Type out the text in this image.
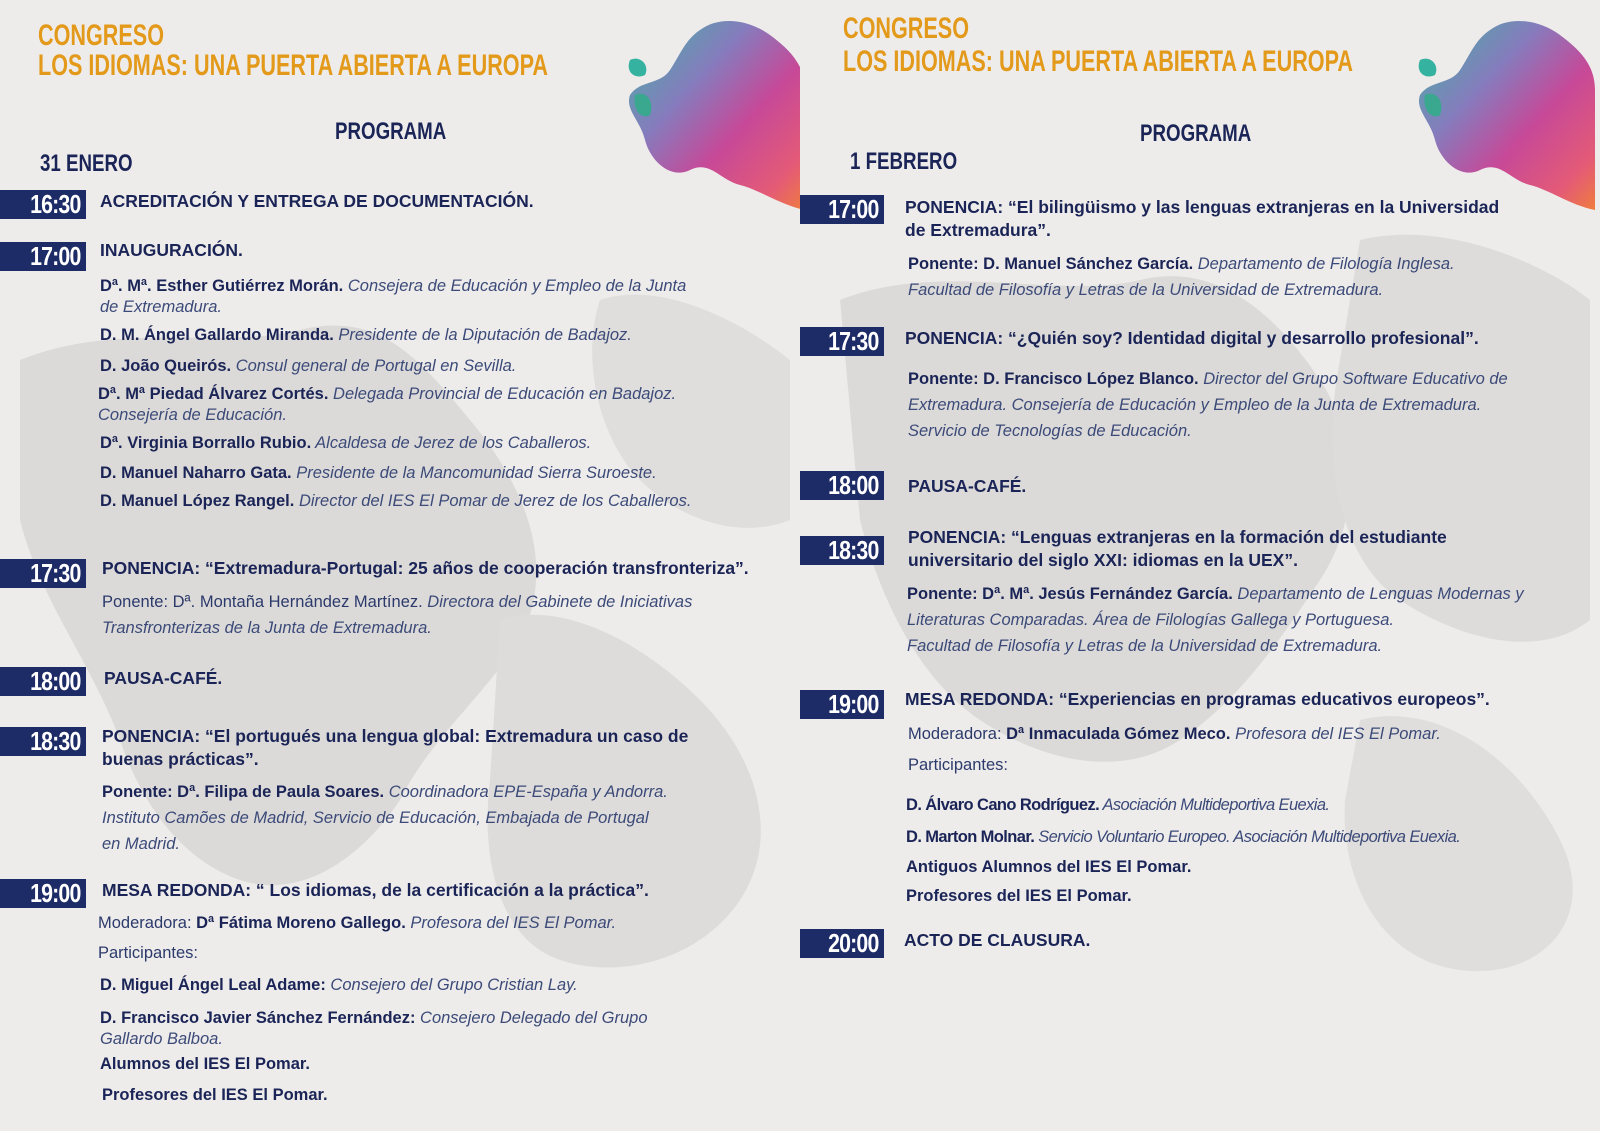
CONGRESO
LOS IDIOMAS: UNA PUERTA ABIERTA A EUROPA
PROGRAMA
31 ENERO
16:30	ACREDITACIÓN Y ENTREGA DE DOCUMENTACIÓN.
17:00	INAUGURACIÓN.
Dª. Mª. Esther Gutiérrez Morán. Consejera de Educación y Empleo de la Junta
de Extremadura.
D. M. Ángel Gallardo Miranda. Presidente de la Diputación de Badajoz.
D. João Queirós. Consul general de Portugal en Sevilla.
Dª. Mª Piedad Álvarez Cortés. Delegada Provincial de Educación en Badajoz.
Consejería de Educación.
Dª. Virginia Borrallo Rubio. Alcaldesa de Jerez de los Caballeros.
D. Manuel Naharro Gata. Presidente de la Mancomunidad Sierra Suroeste.
D. Manuel López Rangel. Director del IES El Pomar de Jerez de los Caballeros.
17:30	PONENCIA: “Extremadura-Portugal: 25 años de cooperación transfronteriza”.
Ponente: Dª. Montaña Hernández Martínez. Directora del Gabinete de Iniciativas
Transfronterizas de la Junta de Extremadura.
18:00	PAUSA-CAFÉ.
18:30	PONENCIA: “El portugués una lengua global: Extremadura un caso de
buenas prácticas”.
Ponente: Dª. Filipa de Paula Soares. Coordinadora EPE-España y Andorra.
Instituto Camões de Madrid, Servicio de Educación, Embajada de Portugal
en Madrid.
19:00	MESA REDONDA: “ Los idiomas, de la certificación a la práctica”.
Moderadora: Dª Fátima Moreno Gallego. Profesora del IES El Pomar.
Participantes:
D. Miguel Ángel Leal Adame: Consejero del Grupo Cristian Lay.
D. Francisco Javier Sánchez Fernández: Consejero Delegado del Grupo
Gallardo Balboa.
Alumnos del IES El Pomar.
Profesores del IES El Pomar.
CONGRESO
LOS IDIOMAS: UNA PUERTA ABIERTA A EUROPA
PROGRAMA
1 FEBRERO
17:00	PONENCIA: “El bilingüismo y las lenguas extranjeras en la Universidad
de Extremadura”.
Ponente: D. Manuel Sánchez García. Departamento de Filología Inglesa.
Facultad de Filosofía y Letras de la Universidad de Extremadura.
17:30	PONENCIA: “¿Quién soy? Identidad digital y desarrollo profesional”.
Ponente: D. Francisco López Blanco. Director del Grupo Software Educativo de
Extremadura. Consejería de Educación y Empleo de la Junta de Extremadura.
Servicio de Tecnologías de Educación.
18:00	PAUSA-CAFÉ.
18:30	PONENCIA: “Lenguas extranjeras en la formación del estudiante
universitario del siglo XXI: idiomas en la UEX”.
Ponente: Dª. Mª. Jesús Fernández García. Departamento de Lenguas Modernas y
Literaturas Comparadas. Área de Filologías Gallega y Portuguesa.
Facultad de Filosofía y Letras de la Universidad de Extremadura.
19:00	MESA REDONDA: “Experiencias en programas educativos europeos”.
Moderadora: Dª Inmaculada Gómez Meco. Profesora del IES El Pomar.
Participantes:
D. Álvaro Cano Rodríguez. Asociación Multideportiva Euexia.
D. Marton Molnar. Servicio Voluntario Europeo. Asociación Multideportiva Euexia.
Antiguos Alumnos del IES El Pomar.
Profesores del IES El Pomar.
20:00	ACTO DE CLAUSURA.
